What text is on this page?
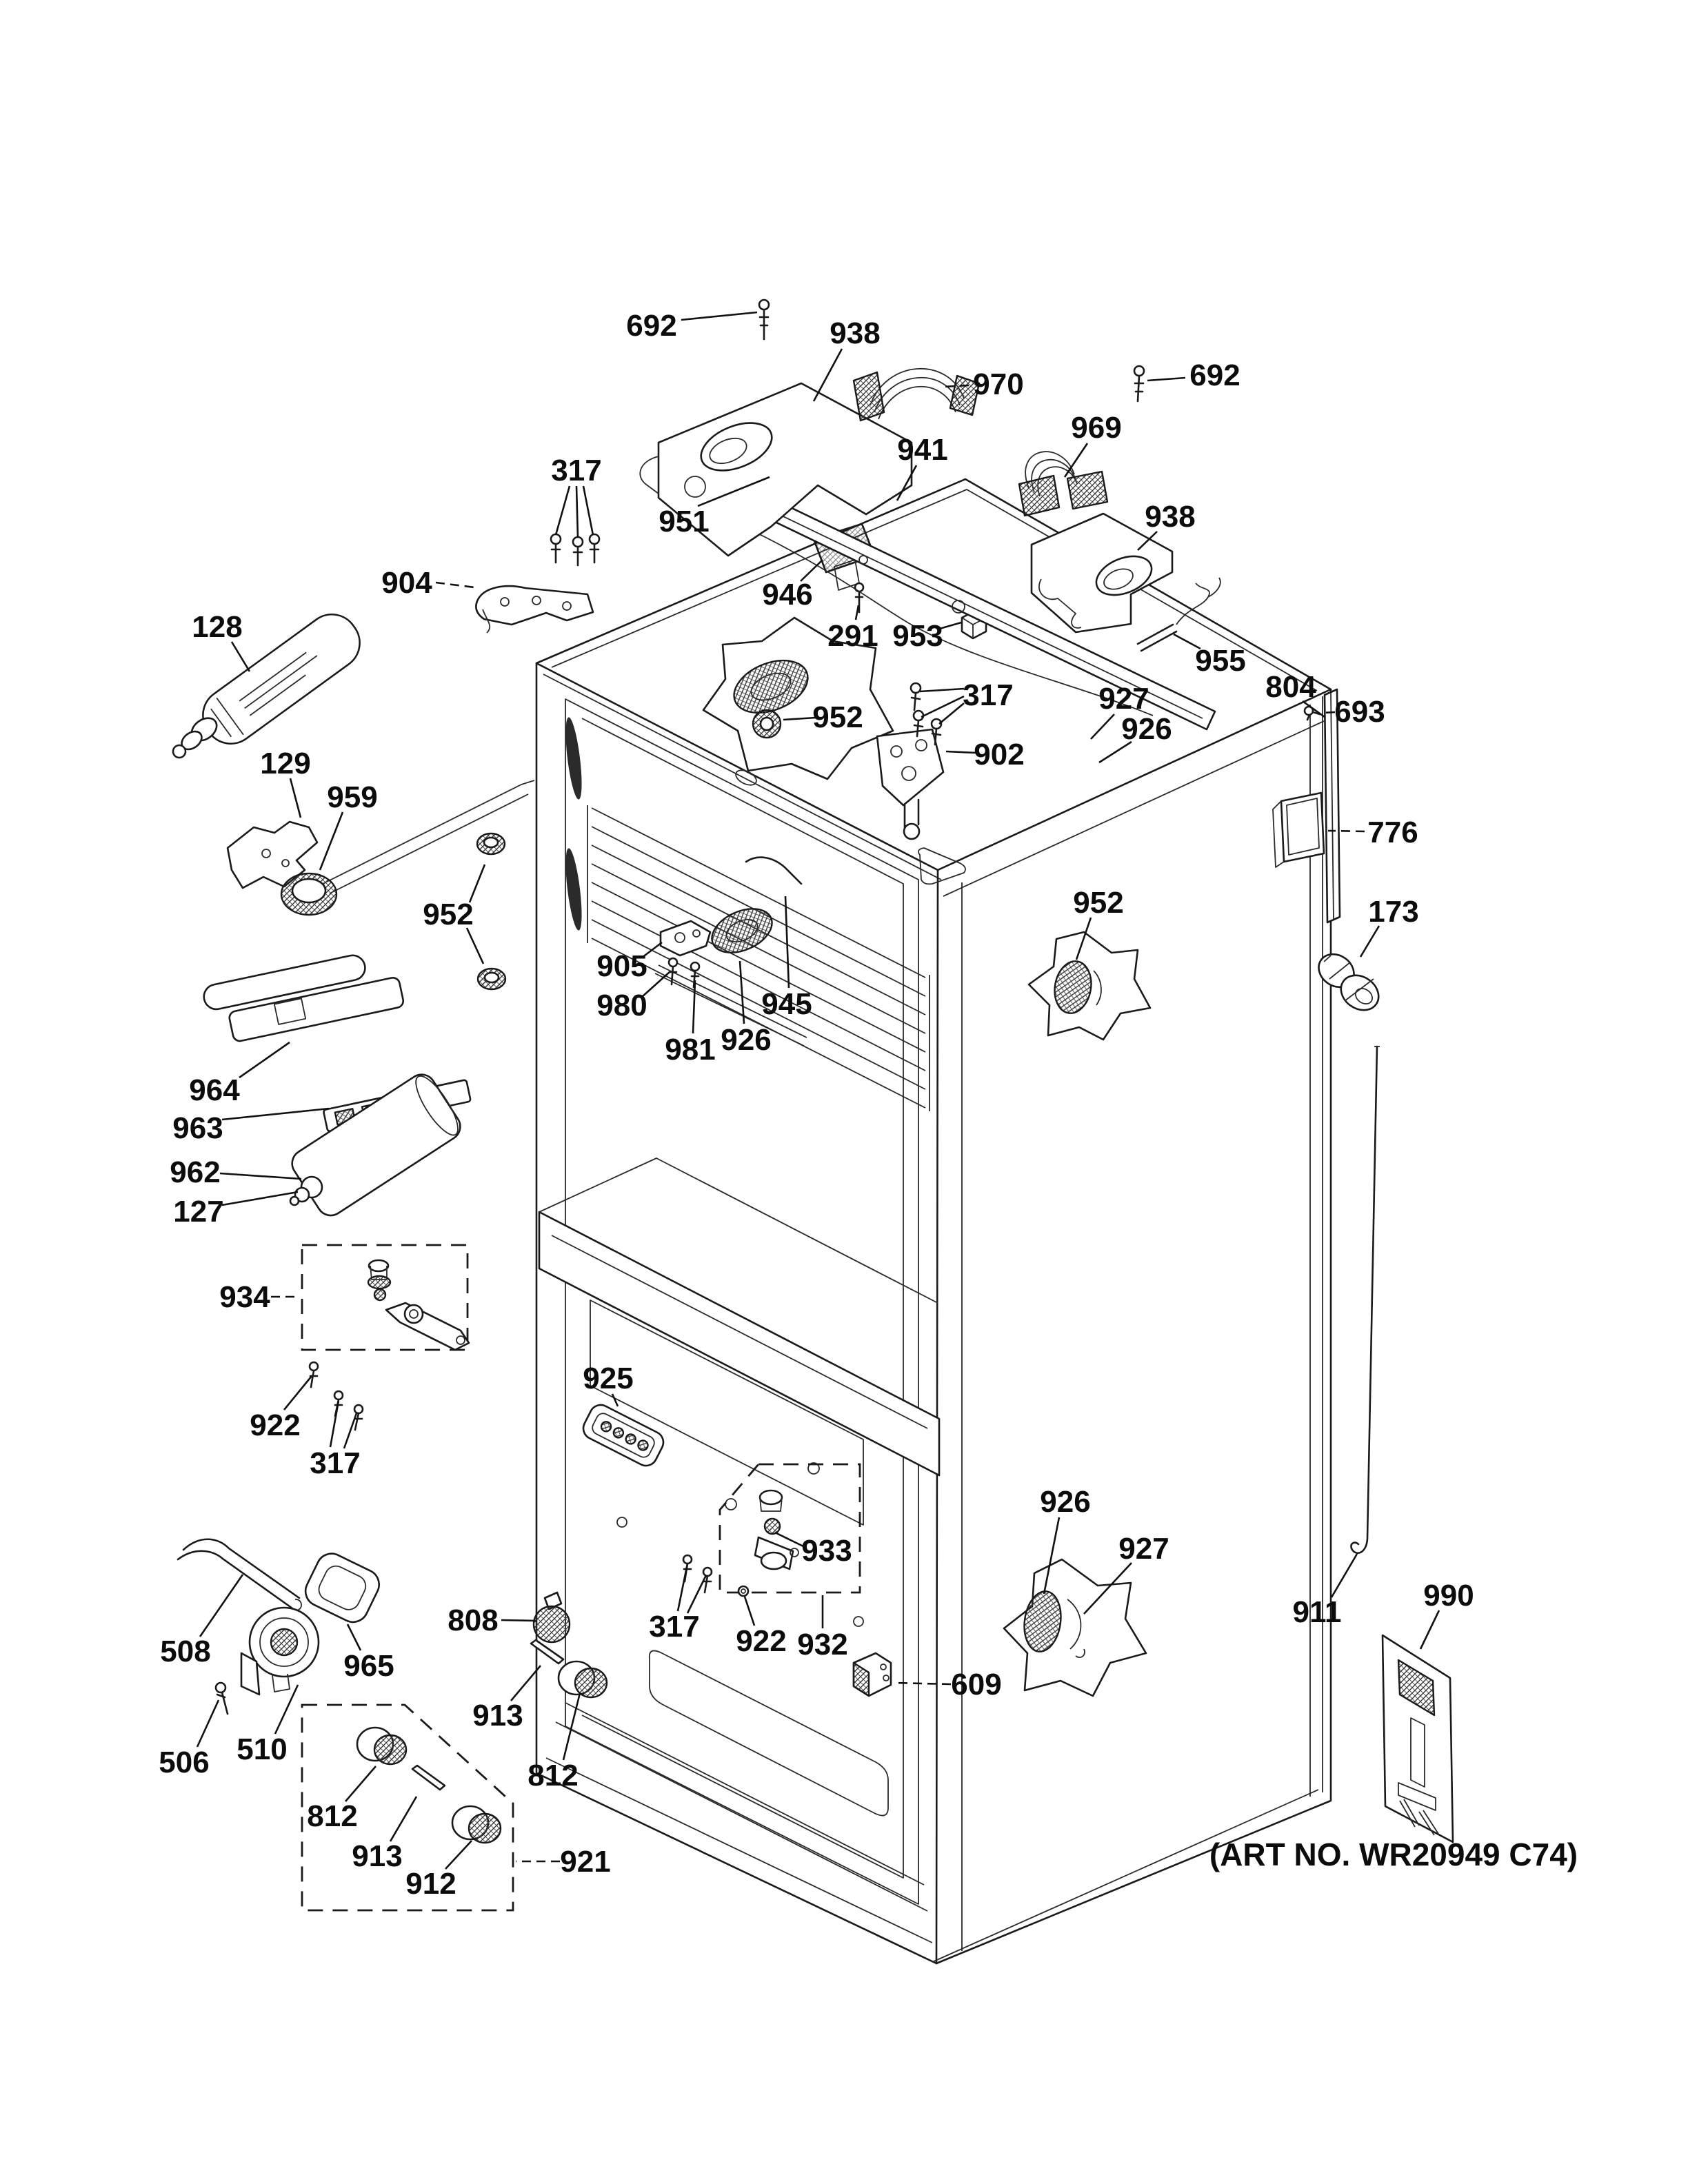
692	938
970	692
969
941
317
951
904
938
128
946
291 953
955
317	927	804
693
952
902
926
129
959
776
952	173
952
905
980	945
926
981
964
963
962
127
934
922
317
925
933
317 922 932
609
926
927
508
506 510
965
808
913
812
812
913
912
921
911	990
(ART NO. WR20949 C74)
